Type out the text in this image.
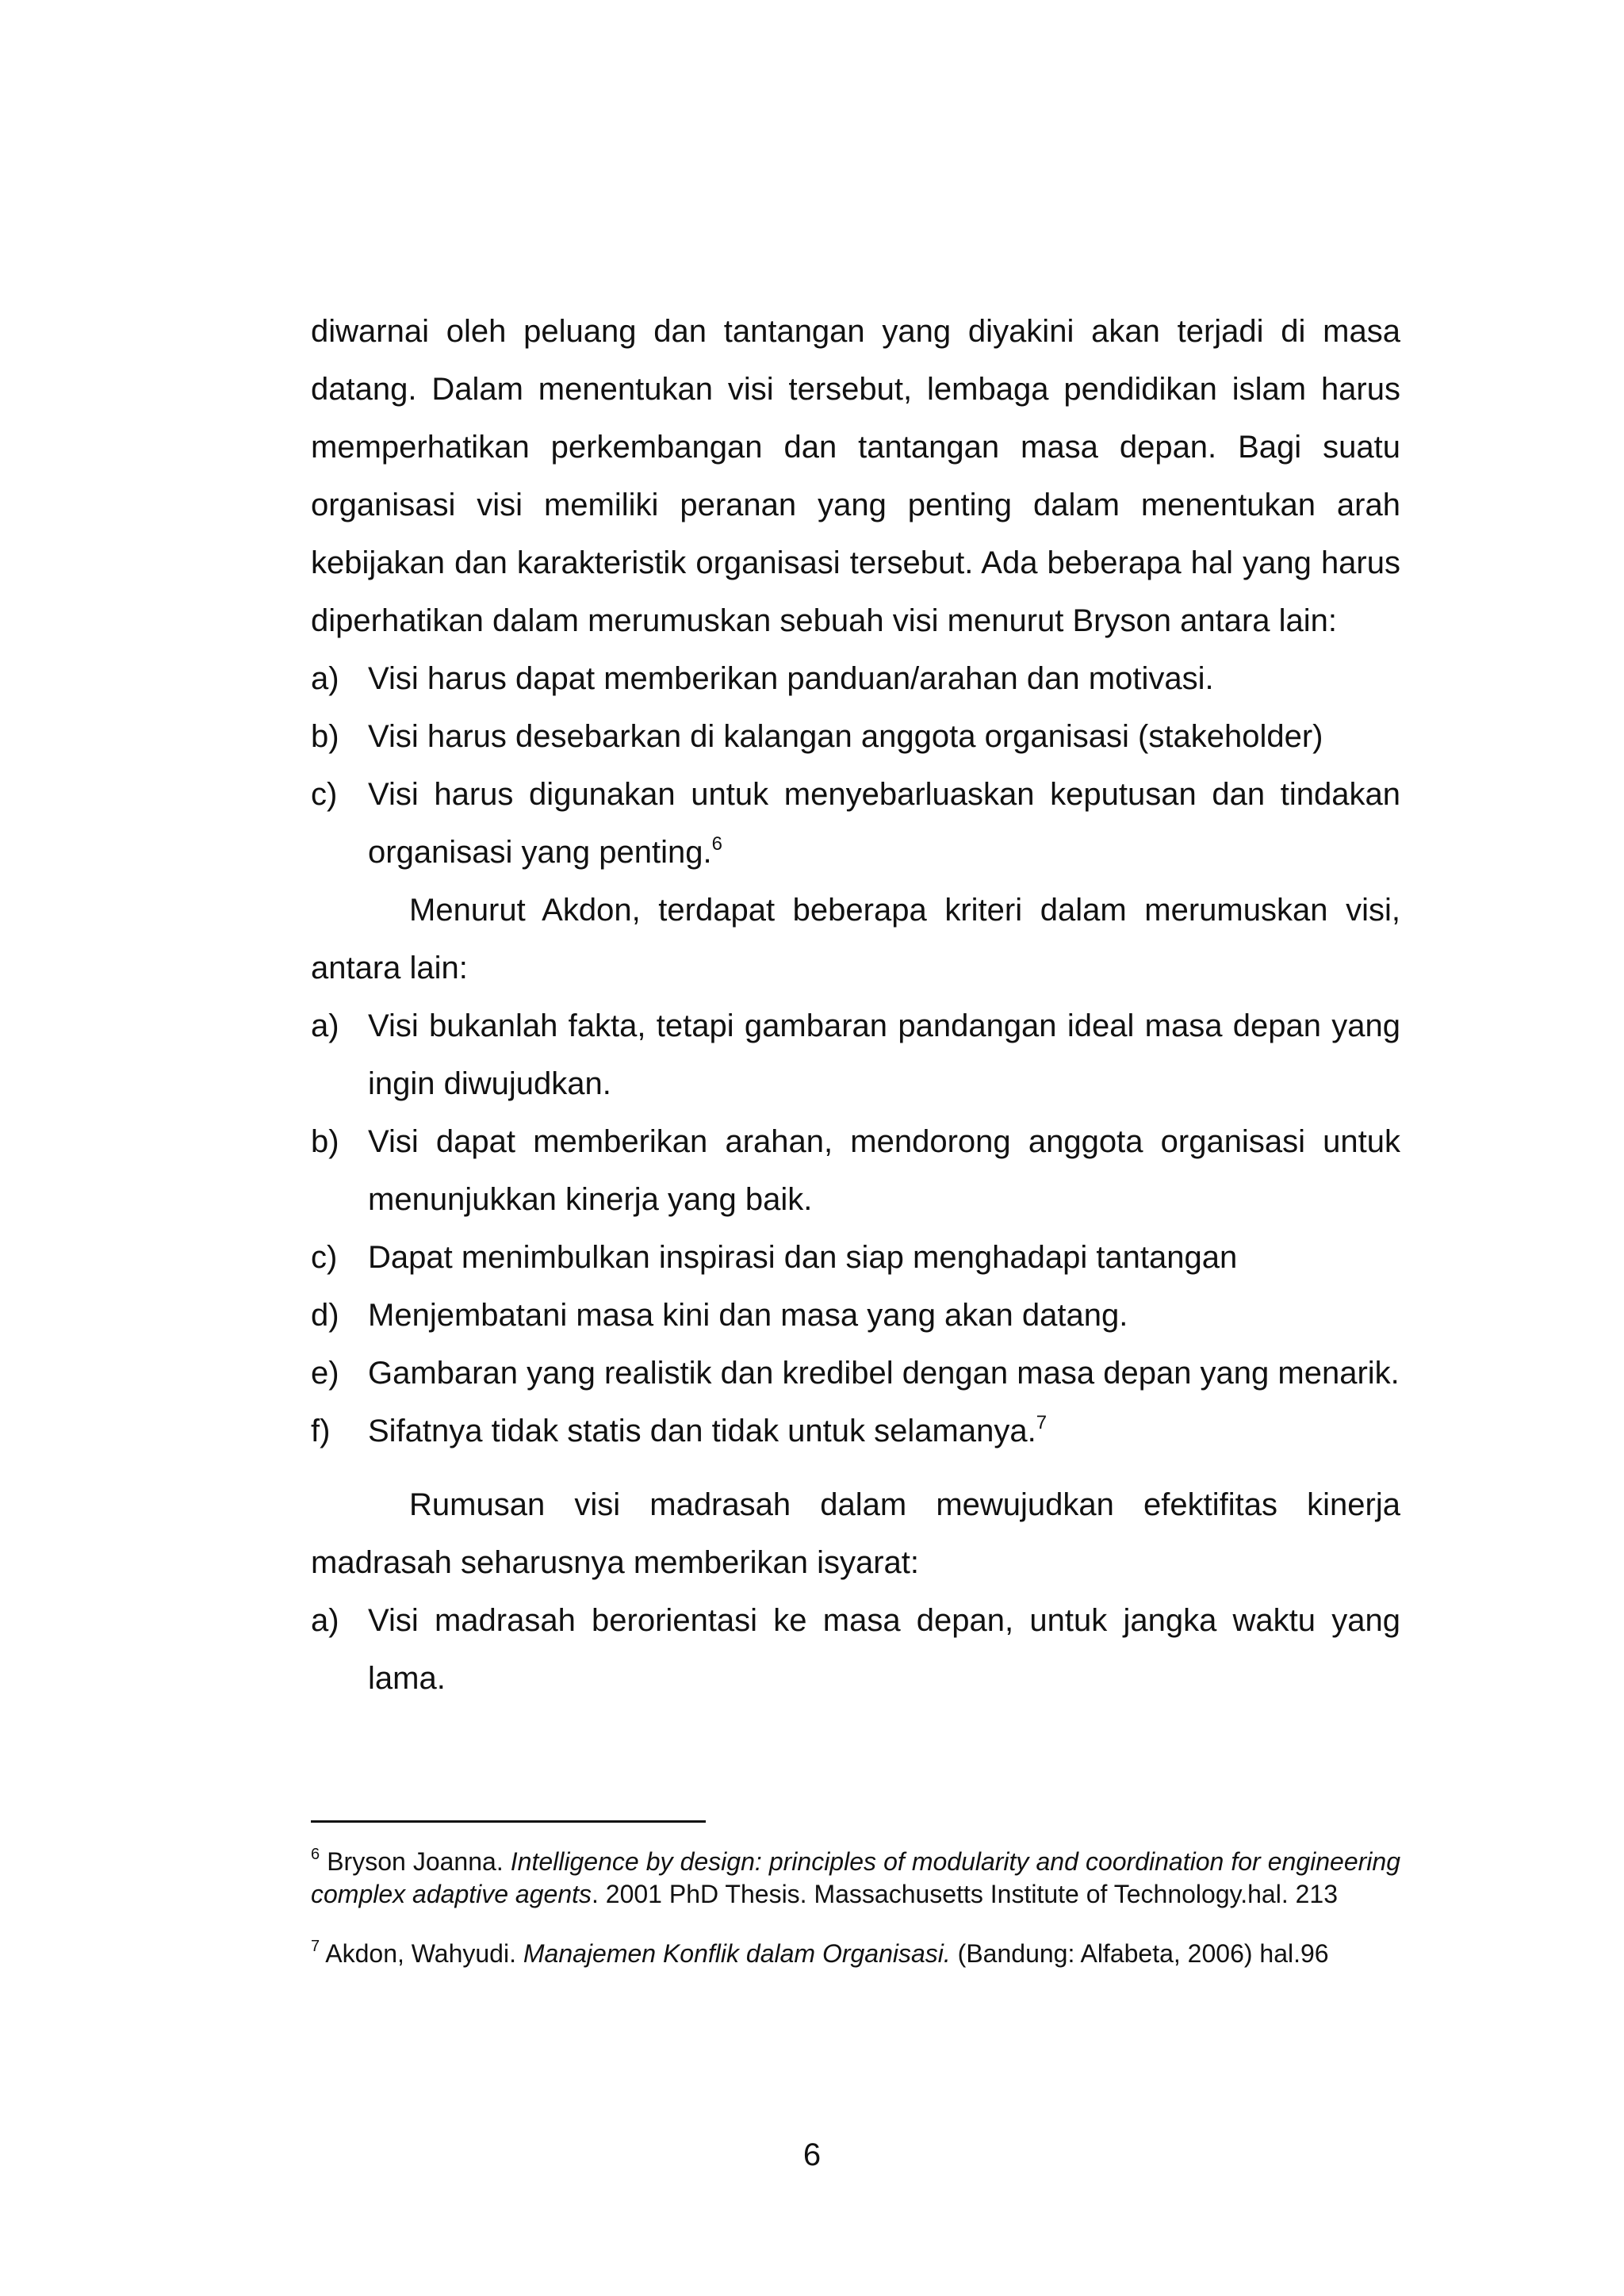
diwarnai oleh peluang dan tantangan yang diyakini akan terjadi di masa datang. Dalam menentukan visi tersebut, lembaga pendidikan islam harus memperhatikan perkembangan dan tantangan masa depan. Bagi suatu organisasi visi memiliki peranan yang penting dalam menentukan arah kebijakan dan karakteristik organisasi tersebut. Ada beberapa hal yang harus diperhatikan dalam merumuskan sebuah visi menurut Bryson antara lain:

a) Visi harus dapat memberikan panduan/arahan dan motivasi.
b) Visi harus desebarkan di kalangan anggota organisasi (stakeholder)
c) Visi harus digunakan untuk menyebarluaskan keputusan dan tindakan organisasi yang penting.$^6$

Menurut Akdon, terdapat beberapa kriteri dalam merumuskan visi, antara lain:

a) Visi bukanlah fakta, tetapi gambaran pandangan ideal masa depan yang ingin diwujudkan.
b) Visi dapat memberikan arahan, mendorong anggota organisasi untuk menunjukkan kinerja yang baik.
c) Dapat menimbulkan inspirasi dan siap menghadapi tantangan
d) Menjembatani masa kini dan masa yang akan datang.
e) Gambaran yang realistik dan kredibel dengan masa depan yang menarik.
f) Sifatnya tidak statis dan tidak untuk selamanya.$^7$

Rumusan visi madrasah dalam mewujudkan efektifitas kinerja madrasah seharusnya memberikan isyarat:

a) Visi madrasah berorientasi ke masa depan, untuk jangka waktu yang lama.

$^6$ Bryson Joanna. Intelligence by design: principles of modularity and coordination for engineering complex adaptive agents. 2001 PhD Thesis. Massachusetts Institute of Technology.hal. 213

$^7$ Akdon, Wahyudi. Manajemen Konflik dalam Organisasi. (Bandung: Alfabeta, 2006) hal.96

6
